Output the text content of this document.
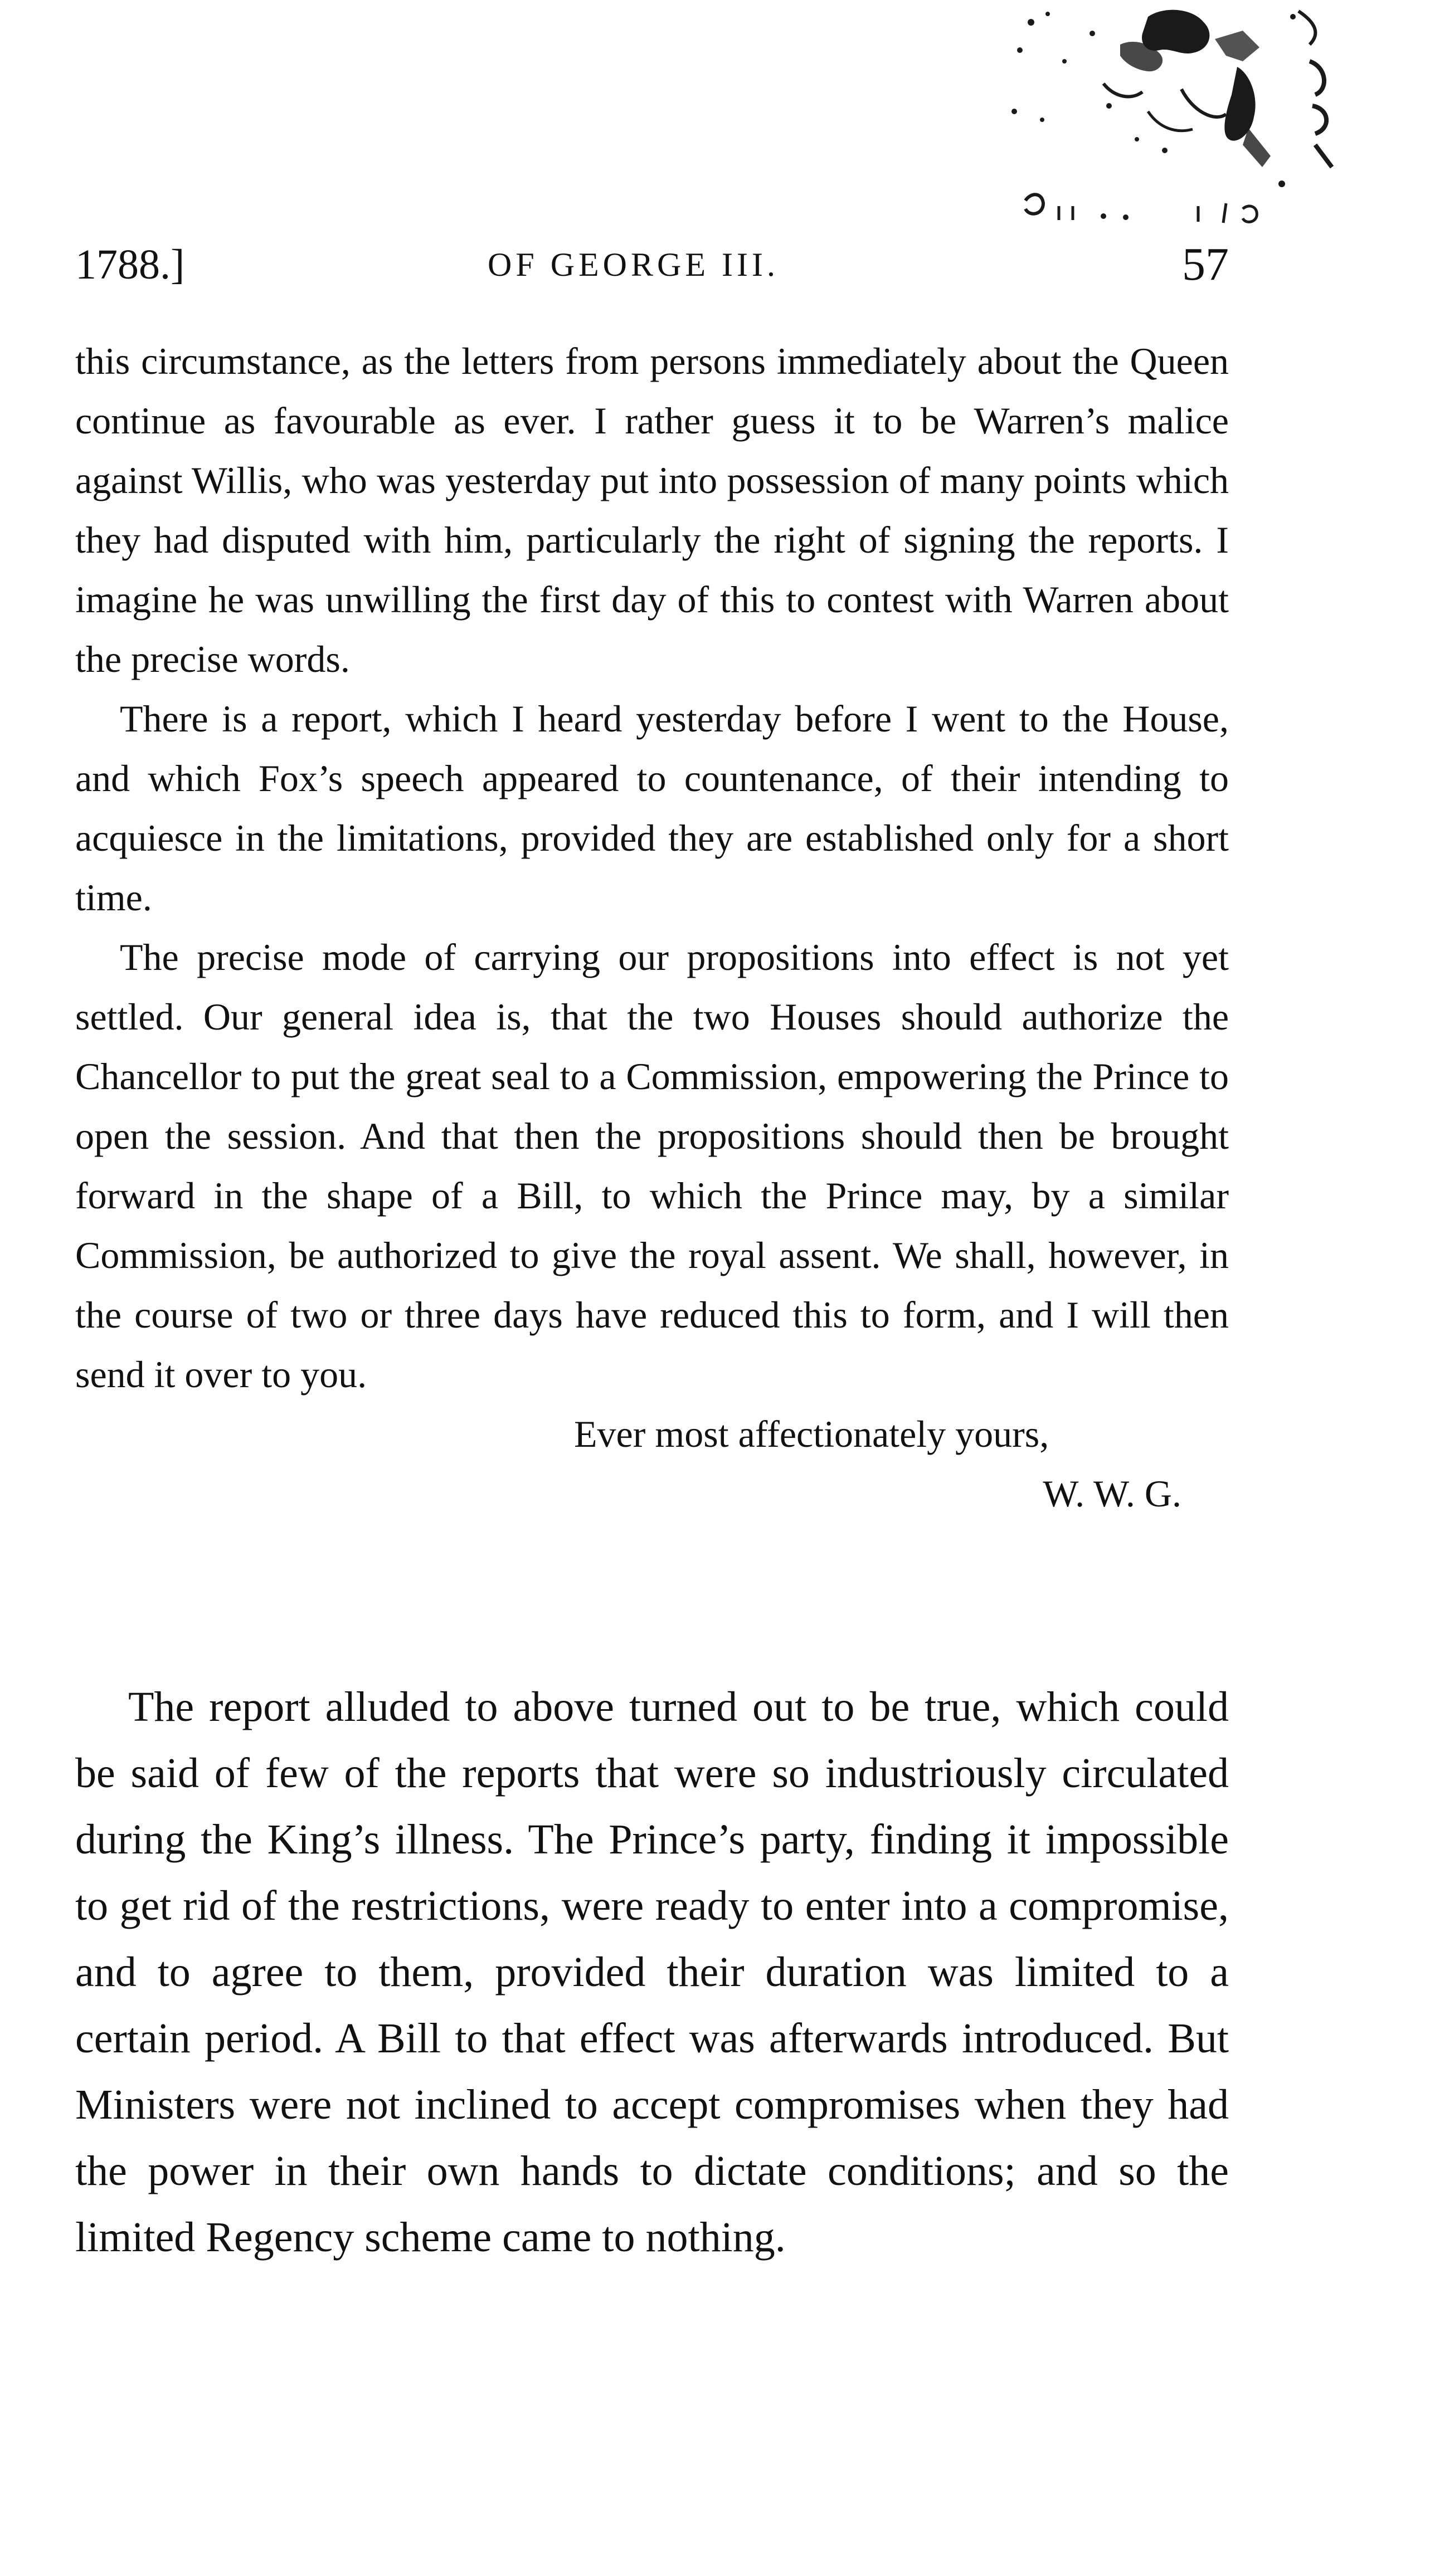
1788.]	OF GEORGE III.	57

this circumstance, as the letters from persons immediately about the Queen continue as favourable as ever. I rather guess it to be Warren’s malice against Willis, who was yesterday put into possession of many points which they had disputed with him, particularly the right of signing the reports. I imagine he was unwilling the first day of this to contest with Warren about the precise words.

There is a report, which I heard yesterday before I went to the House, and which Fox’s speech appeared to countenance, of their intending to acquiesce in the limitations, provided they are established only for a short time.

The precise mode of carrying our propositions into effect is not yet settled. Our general idea is, that the two Houses should authorize the Chancellor to put the great seal to a Commission, empowering the Prince to open the session. And that then the propositions should then be brought forward in the shape of a Bill, to which the Prince may, by a similar Commission, be authorized to give the royal assent. We shall, however, in the course of two or three days have reduced this to form, and I will then send it over to you.

Ever most affectionately yours,

W. W. G.

The report alluded to above turned out to be true, which could be said of few of the reports that were so industriously circulated during the King’s illness. The Prince’s party, finding it impossible to get rid of the restrictions, were ready to enter into a compromise, and to agree to them, provided their duration was limited to a certain period. A Bill to that effect was afterwards introduced. But Ministers were not inclined to accept compromises when they had the power in their own hands to dictate conditions; and so the limited Regency scheme came to nothing.
